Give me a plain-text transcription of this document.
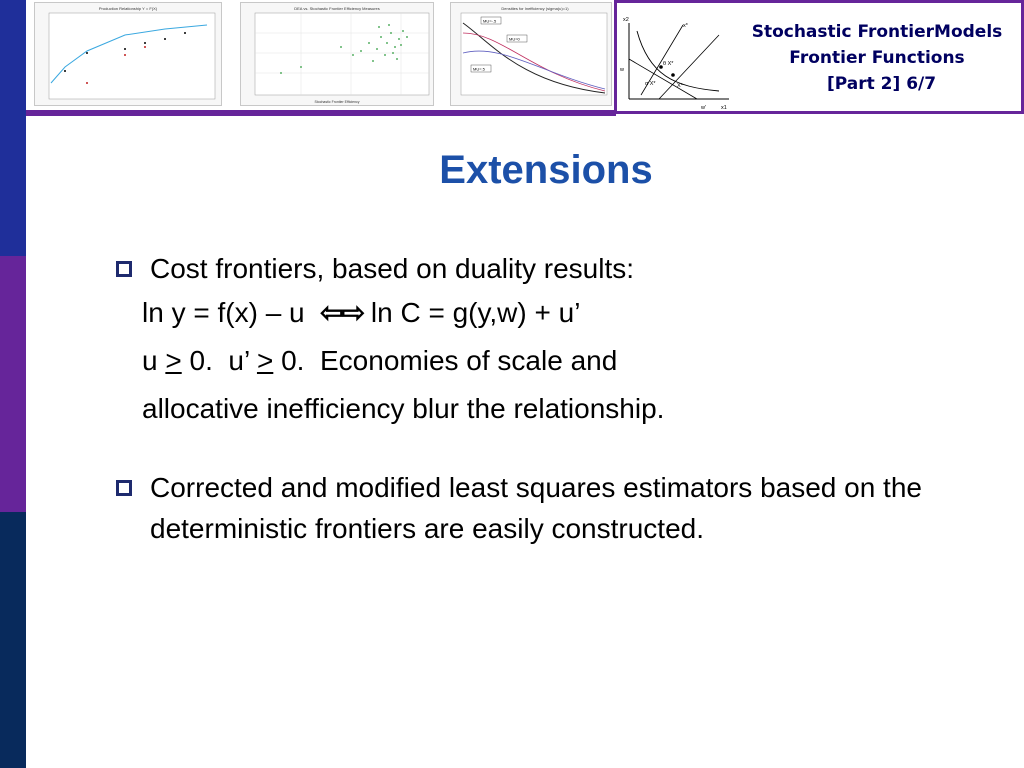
Production Relationship Y = F(X)	DEA vs. Stochastic Frontier Efficiency Measures
Stochastic Frontier Efficiency
Densities for Inefficiency (sigma(u)=1)
MU=-.5
MU=0
MU=.5
x2
x*
x1
w
w'
θ X*
α X*	X*
Stochastic FrontierModels
Frontier Functions
[Part 2] 6/7
Extensions
Cost frontiers, based on duality results:
ln y = f(x) – u  ⇦⇨ ln C = g(y,w) + u’
u ≥ 0.  u’ ≥ 0.  Economies of scale and
allocative inefficiency blur the relationship.
Corrected and modified least squares estimators based on the deterministic frontiers are easily constructed.
